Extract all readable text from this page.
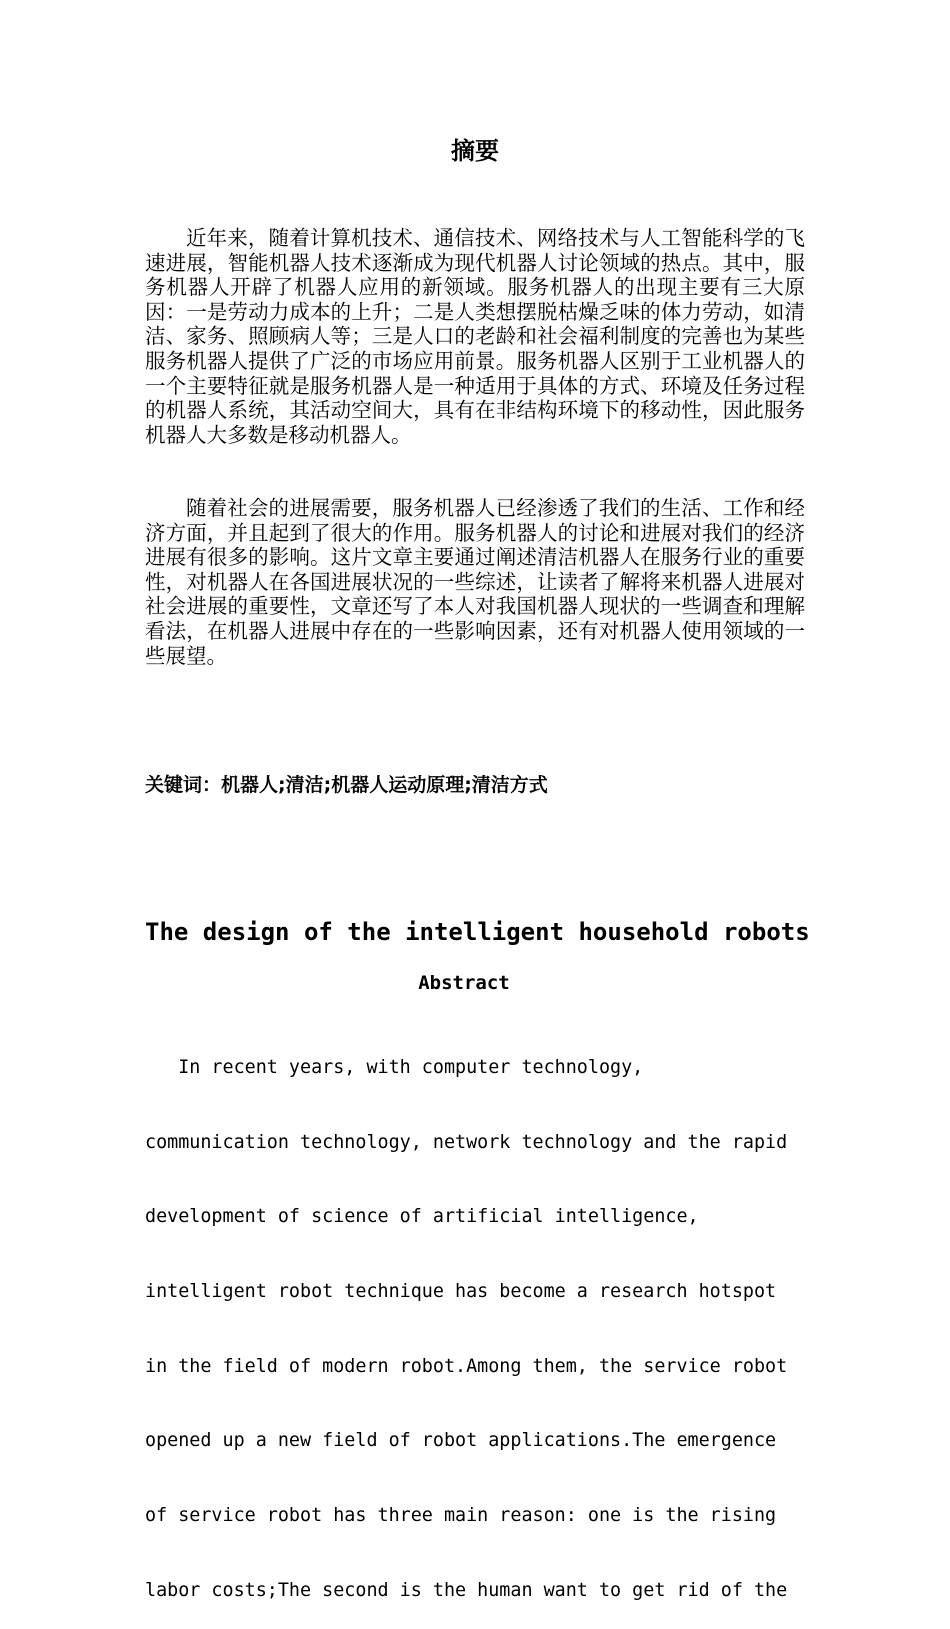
摘要

近年来，随着计算机技术、通信技术、网络技术与人工智能科学的飞速进展，智能机器人技术逐渐成为现代机器人讨论领域的热点。其中，服务机器人开辟了机器人应用的新领域。服务机器人的出现主要有三大原因：一是劳动力成本的上升；二是人类想摆脱枯燥乏味的体力劳动，如清洁、家务、照顾病人等；三是人口的老龄和社会福利制度的完善也为某些服务机器人提供了广泛的市场应用前景。服务机器人区别于工业机器人的一个主要特征就是服务机器人是一种适用于具体的方式、环境及任务过程的机器人系统，其活动空间大，具有在非结构环境下的移动性，因此服务机器人大多数是移动机器人。

随着社会的进展需要，服务机器人已经渗透了我们的生活、工作和经济方面，并且起到了很大的作用。服务机器人的讨论和进展对我们的经济进展有很多的影响。这片文章主要通过阐述清洁机器人在服务行业的重要性，对机器人在各国进展状况的一些综述，让读者了解将来机器人进展对社会进展的重要性，文章还写了本人对我国机器人现状的一些调查和理解看法，在机器人进展中存在的一些影响因素，还有对机器人使用领域的一些展望。

关键词：机器人;清洁;机器人运动原理;清洁方式
The design of the intelligent household robots
Abstract

In recent years, with computer technology,

communication technology, network technology and the rapid

development of science of artificial intelligence,

intelligent robot technique has become a research hotspot

in the field of modern robot.Among them, the service robot

opened up a new field of robot applications.The emergence

of service robot has three main reason: one is the rising

labor costs;The second is the human want to get rid of the
